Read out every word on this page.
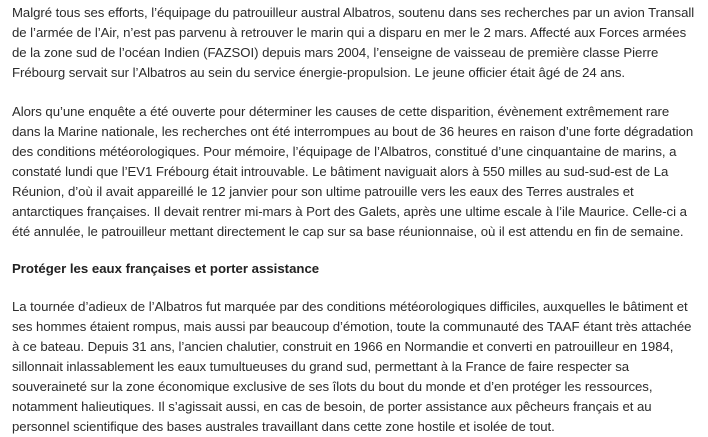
Malgré tous ses efforts, l’équipage du patrouilleur austral Albatros, soutenu dans ses recherches par un avion Transall de l’armée de l’Air, n’est pas parvenu à retrouver le marin qui a disparu en mer le 2 mars. Affecté aux Forces armées de la zone sud de l’océan Indien (FAZSOI) depuis mars 2004, l’enseigne de vaisseau de première classe Pierre Frébourg servait sur l’Albatros au sein du service énergie-propulsion. Le jeune officier était âgé de 24 ans.

Alors qu’une enquête a été ouverte pour déterminer les causes de cette disparition, évènement extrêmement rare dans la Marine nationale, les recherches ont été interrompues au bout de 36 heures en raison d’une forte dégradation des conditions météorologiques. Pour mémoire, l’équipage de l’Albatros, constitué d’une cinquantaine de marins, a constaté lundi que l’EV1 Frébourg était introuvable. Le bâtiment naviguait alors à 550 milles au sud-sud-est de La Réunion, d’où il avait appareillé le 12 janvier pour son ultime patrouille vers les eaux des Terres australes et antarctiques françaises. Il devait rentrer mi-mars à Port des Galets, après une ultime escale à l’ile Maurice. Celle-ci a été annulée, le patrouilleur mettant directement le cap sur sa base réunionnaise, où il est attendu en fin de semaine.

Protéger les eaux françaises et porter assistance

La tournée d’adieux de l’Albatros fut marquée par des conditions météorologiques difficiles, auxquelles le bâtiment et ses hommes étaient rompus, mais aussi par beaucoup d’émotion, toute la communauté des TAAF étant très attachée à ce bateau. Depuis 31 ans, l’ancien chalutier, construit en 1966 en Normandie et converti en patrouilleur en 1984, sillonnait inlassablement les eaux tumultueuses du grand sud, permettant à la France de faire respecter sa souveraineté sur la zone économique exclusive de ses îlots du bout du monde et d’en protéger les ressources, notamment halieutiques. Il s’agissait aussi, en cas de besoin, de porter assistance aux pêcheurs français et au personnel scientifique des bases australes travaillant dans cette zone hostile et isolée de tout.
